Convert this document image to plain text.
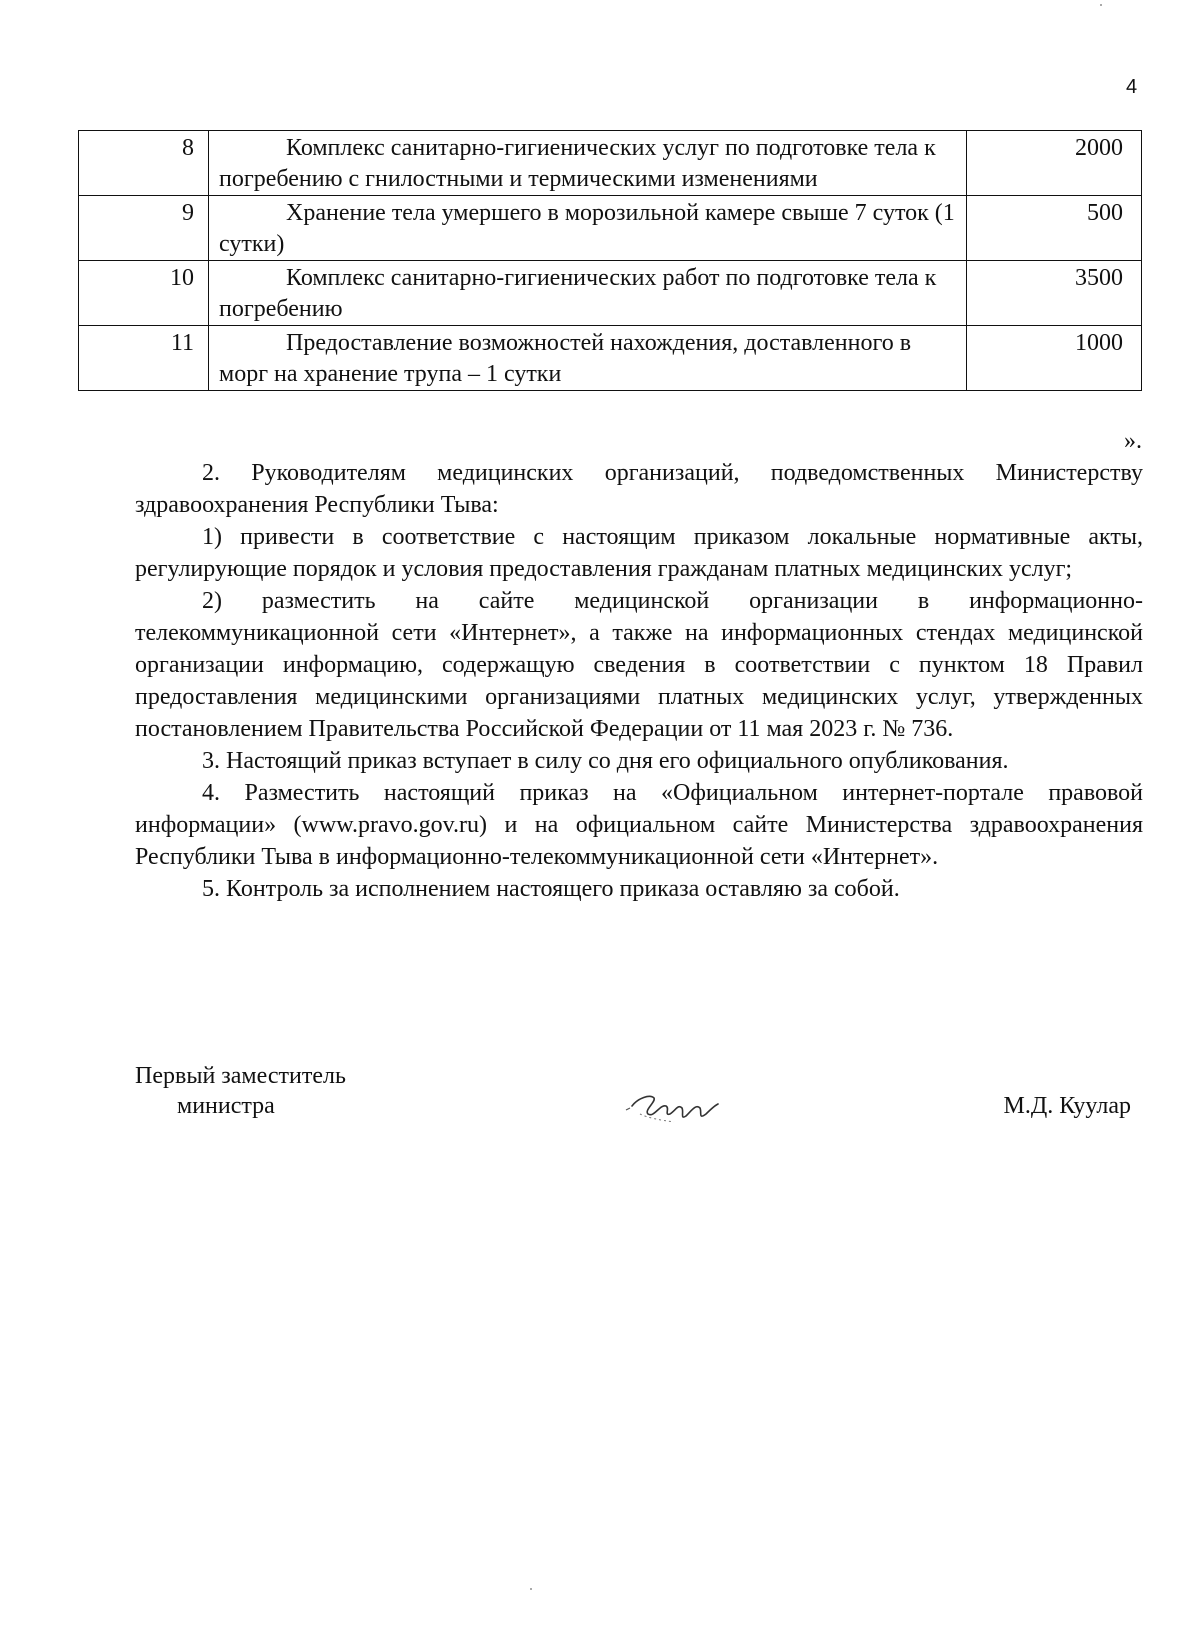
4
8	Комплекс санитарно-гигиенических услуг по подготовке тела к погребению с гнилостными и термическими изменениями	2000
9	Хранение тела умершего в морозильной камере свыше 7 суток (1 сутки)	500
10	Комплекс санитарно-гигиенических работ по подготовке тела к погребению	3500
11	Предоставление возможностей нахождения, доставленного в морг на хранение трупа – 1 сутки	1000
».

2. Руководителям медицинских организаций, подведомственных Министерству здравоохранения Республики Тыва:

1) привести в соответствие с настоящим приказом локальные нормативные акты, регулирующие порядок и условия предоставления гражданам платных медицинских услуг;

2) разместить на сайте медицинской организации в информационно-телекоммуникационной сети «Интернет», а также на информационных стендах медицинской организации информацию, содержащую сведения в соответствии с пунктом 18 Правил предоставления медицинскими организациями платных медицинских услуг, утвержденных постановлением Правительства Российской Федерации от 11 мая 2023 г. № 736.

3. Настоящий приказ вступает в силу со дня его официального опубликования.

4. Разместить настоящий приказ на «Официальном интернет-портале правовой информации» (www.pravo.gov.ru) и на официальном сайте Министерства здравоохранения Республики Тыва в информационно-телекоммуникационной сети «Интернет».

5. Контроль за исполнением настоящего приказа оставляю за собой.

Первый заместитель
министра	М.Д. Куулар
